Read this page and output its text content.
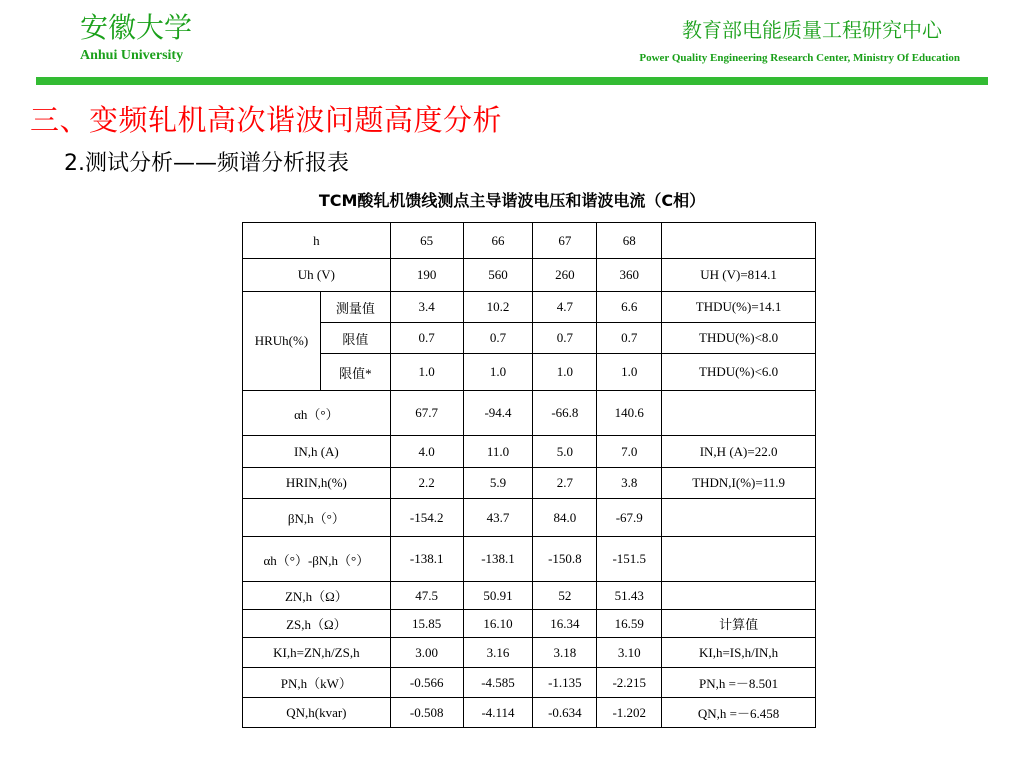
安徽大学
Anhui University
教育部电能质量工程研究中心
Power Quality Engineering Research Center, Ministry Of Education
三、变频轧机高次谐波问题高度分析
2.测试分析——频谱分析报表
TCM酸轧机馈线测点主导谐波电压和谐波电流（C相）
h		65	66	67	68	
Uh (V)		190	560	260	360	UH (V)=814.1
HRUh(%)	测量值	3.4	10.2	4.7	6.6	THDU(%)=14.1
	限值	0.7	0.7	0.7	0.7	THDU(%)<8.0
	限值*	1.0	1.0	1.0	1.0	THDU(%)<6.0
αh（°）		67.7	-94.4	-66.8	140.6	
IN,h (A)		4.0	11.0	5.0	7.0	IN,H (A)=22.0
HRIN,h(%)		2.2	5.9	2.7	3.8	THDN,I(%)=11.9
βN,h（°）		-154.2	43.7	84.0	-67.9	
αh（°）-βN,h（°）		-138.1	-138.1	-150.8	-151.5	
ZN,h（Ω）		47.5	50.91	52	51.43	
ZS,h（Ω）		15.85	16.10	16.34	16.59	计算值
KI,h=ZN,h/ZS,h		3.00	3.16	3.18	3.10	KI,h=IS,h/IN,h
PN,h（kW）		-0.566	-4.585	-1.135	-2.215	PN,h =－8.501
QN,h(kvar)		-0.508	-4.114	-0.634	-1.202	QN,h =－6.458
